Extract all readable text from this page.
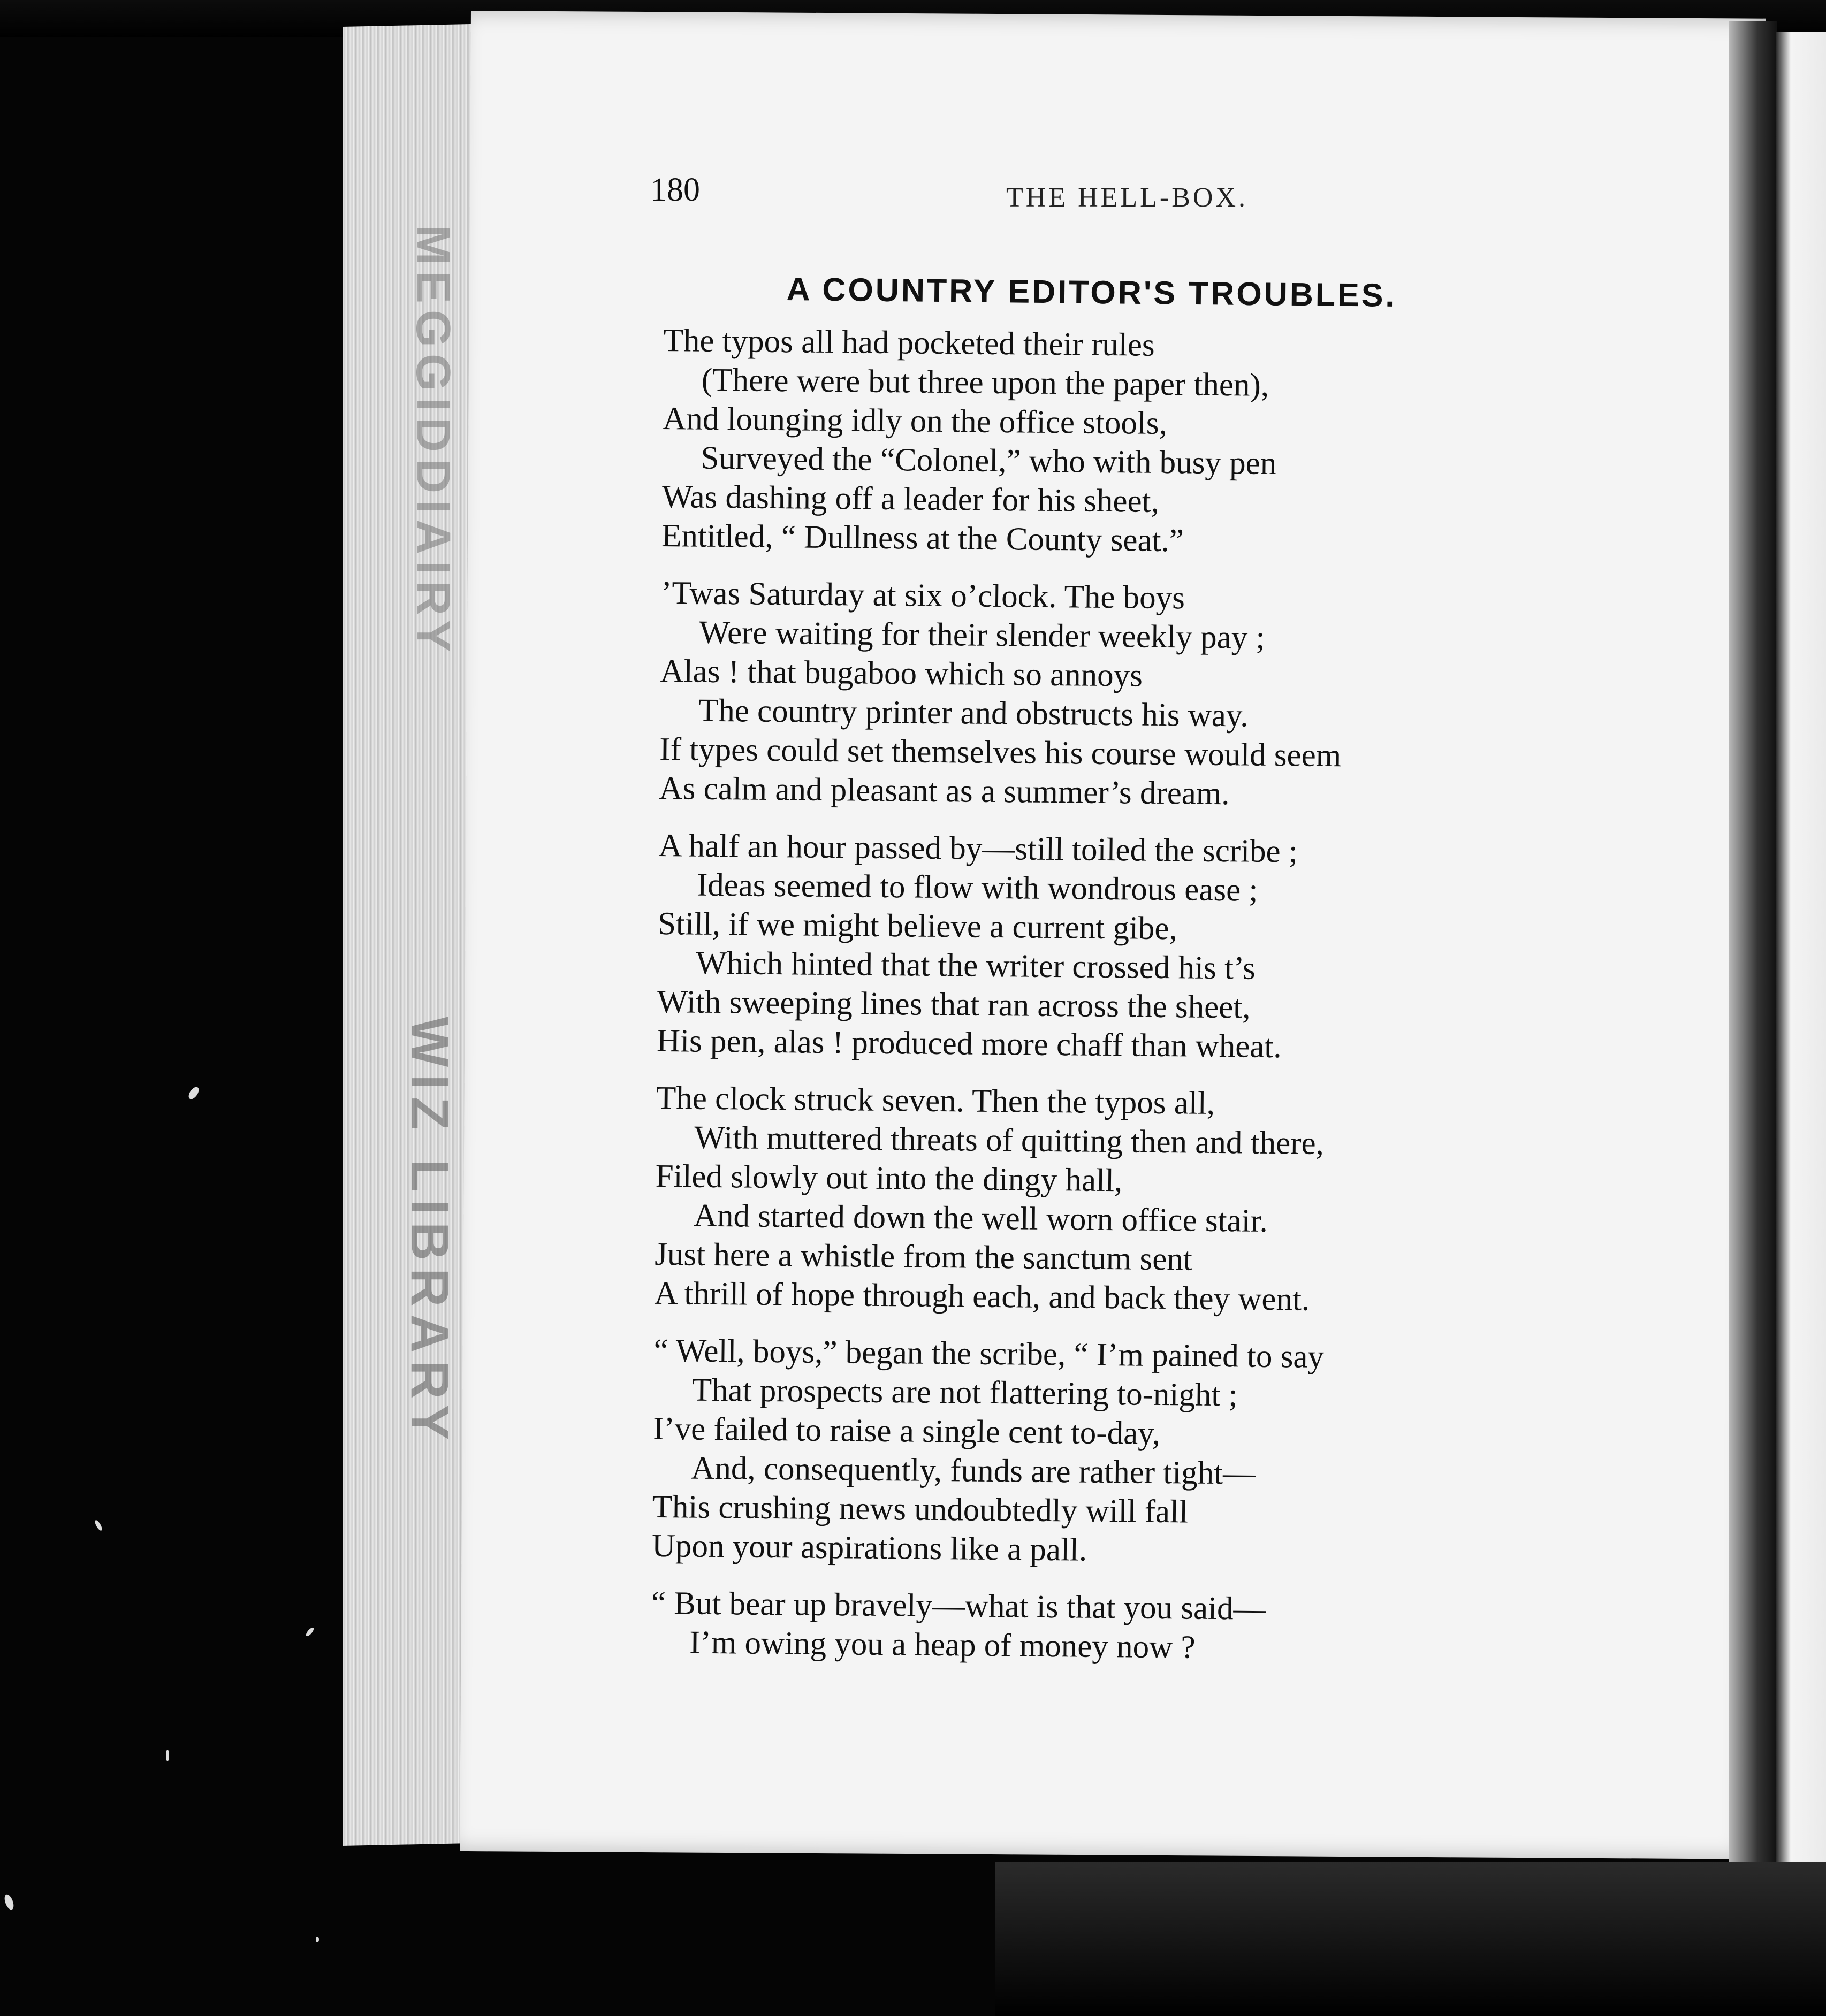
MEGGIDDIAIRY
WIZ LIBRARY
180	THE HELL-BOX.
A COUNTRY EDITOR'S TROUBLES.
The typos all had pocketed their rules
(There were but three upon the paper then),
And lounging idly on the office stools,
Surveyed the “Colonel,” who with busy pen
Was dashing off a leader for his sheet,
Entitled, “ Dullness at the County seat.”
’Twas Saturday at six o’clock. The boys
Were waiting for their slender weekly pay ;
Alas ! that bugaboo which so annoys
The country printer and obstructs his way.
If types could set themselves his course would seem
As calm and pleasant as a summer’s dream.
A half an hour passed by—still toiled the scribe ;
Ideas seemed to flow with wondrous ease ;
Still, if we might believe a current gibe,
Which hinted that the writer crossed his t’s
With sweeping lines that ran across the sheet,
His pen, alas ! produced more chaff than wheat.
The clock struck seven. Then the typos all,
With muttered threats of quitting then and there,
Filed slowly out into the dingy hall,
And started down the well worn office stair.
Just here a whistle from the sanctum sent
A thrill of hope through each, and back they went.
“ Well, boys,” began the scribe, “ I’m pained to say
That prospects are not flattering to-night ;
I’ve failed to raise a single cent to-day,
And, consequently, funds are rather tight—
This crushing news undoubtedly will fall
Upon your aspirations like a pall.
“ But bear up bravely—what is that you said—
I’m owing you a heap of money now ?
